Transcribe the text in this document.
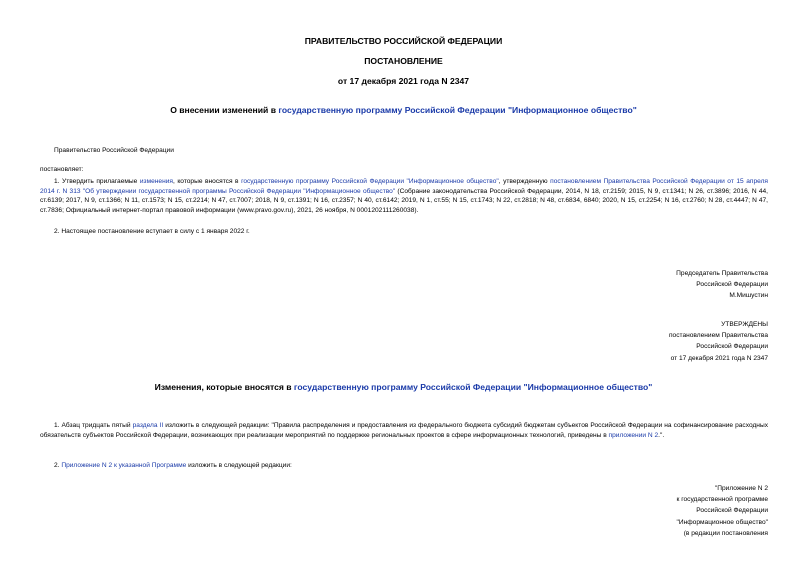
ПРАВИТЕЛЬСТВО РОССИЙСКОЙ ФЕДЕРАЦИИ
ПОСТАНОВЛЕНИЕ
от 17 декабря 2021 года N 2347
О внесении изменений в государственную программу Российской Федерации "Информационное общество"
Правительство Российской Федерации
постановляет:
1. Утвердить прилагаемые изменения, которые вносятся в государственную программу Российской Федерации "Информационное общество", утвержденную постановлением Правительства Российской Федерации от 15 апреля 2014 г. N 313 "Об утверждении государственной программы Российской Федерации "Информационное общество" (Собрание законодательства Российской Федерации, 2014, N 18, ст.2159; 2015, N 9, ст.1341; N 26, ст.3896; 2016, N 44, ст.6139; 2017, N 9, ст.1366; N 11, ст.1573; N 15, ст.2214; N 47, ст.7007; 2018, N 9, ст.1391; N 16, ст.2357; N 40, ст.6142; 2019, N 1, ст.55; N 15, ст.1743; N 22, ст.2818; N 48, ст.6834, 6840; 2020, N 15, ст.2254; N 16, ст.2760; N 28, ст.4447; N 47, ст.7836; Официальный интернет-портал правовой информации (www.pravo.gov.ru), 2021, 26 ноября, N 0001202111260038).
2. Настоящее постановление вступает в силу с 1 января 2022 г.
Председатель Правительства
Российской Федерации
М.Мишустин
УТВЕРЖДЕНЫ
постановлением Правительства
Российской Федерации
от 17 декабря 2021 года N 2347
Изменения, которые вносятся в государственную программу Российской Федерации "Информационное общество"
1. Абзац тридцать пятый раздела II изложить в следующей редакции: "Правила распределения и предоставления из федерального бюджета субсидий бюджетам субъектов Российской Федерации на софинансирование расходных обязательств субъектов Российской Федерации, возникающих при реализации мероприятий по поддержке региональных проектов в сфере информационных технологий, приведены в приложении N 2.".
2. Приложение N 2 к указанной Программе изложить в следующей редакции:
"Приложение N 2
к государственной программе
Российской Федерации
"Информационное общество"
(в редакции постановления
